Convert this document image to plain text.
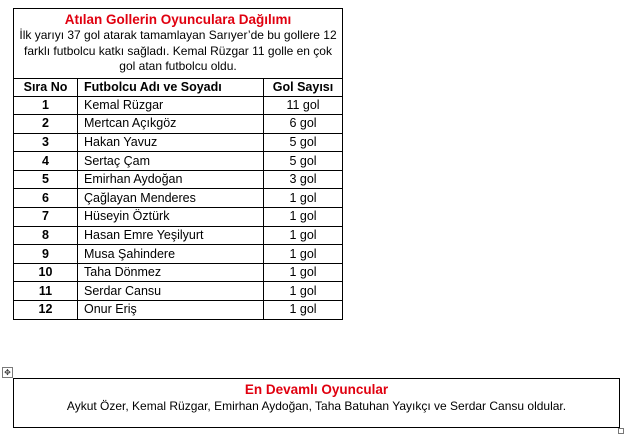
Atılan Gollerin Oyunculara Dağılımı
İlk yarıyı 37 gol atarak tamamlayan Sarıyer’de bu gollere 12 farklı futbolcu katkı sağladı. Kemal Rüzgar 11 golle en çok gol atan futbolcu oldu.		

Sıra No	Futbolcu Adı ve Soyadı	Gol Sayısı
1	Kemal Rüzgar	11 gol
2	Mertcan Açıkgöz	6 gol
3	Hakan Yavuz	5 gol
4	Sertaç Çam	5 gol
5	Emirhan Aydoğan	3 gol
6	Çağlayan Menderes	1 gol
7	Hüseyin Öztürk	1 gol
8	Hasan Emre Yeşilyurt	1 gol
9	Musa Şahindere	1 gol
10	Taha Dönmez	1 gol
11	Serdar Cansu	1 gol
12	Onur Eriş	1 gol
✥
En Devamlı Oyuncular
Aykut Özer, Kemal Rüzgar, Emirhan Aydoğan, Taha Batuhan Yayıkçı ve Serdar Cansu oldular.
